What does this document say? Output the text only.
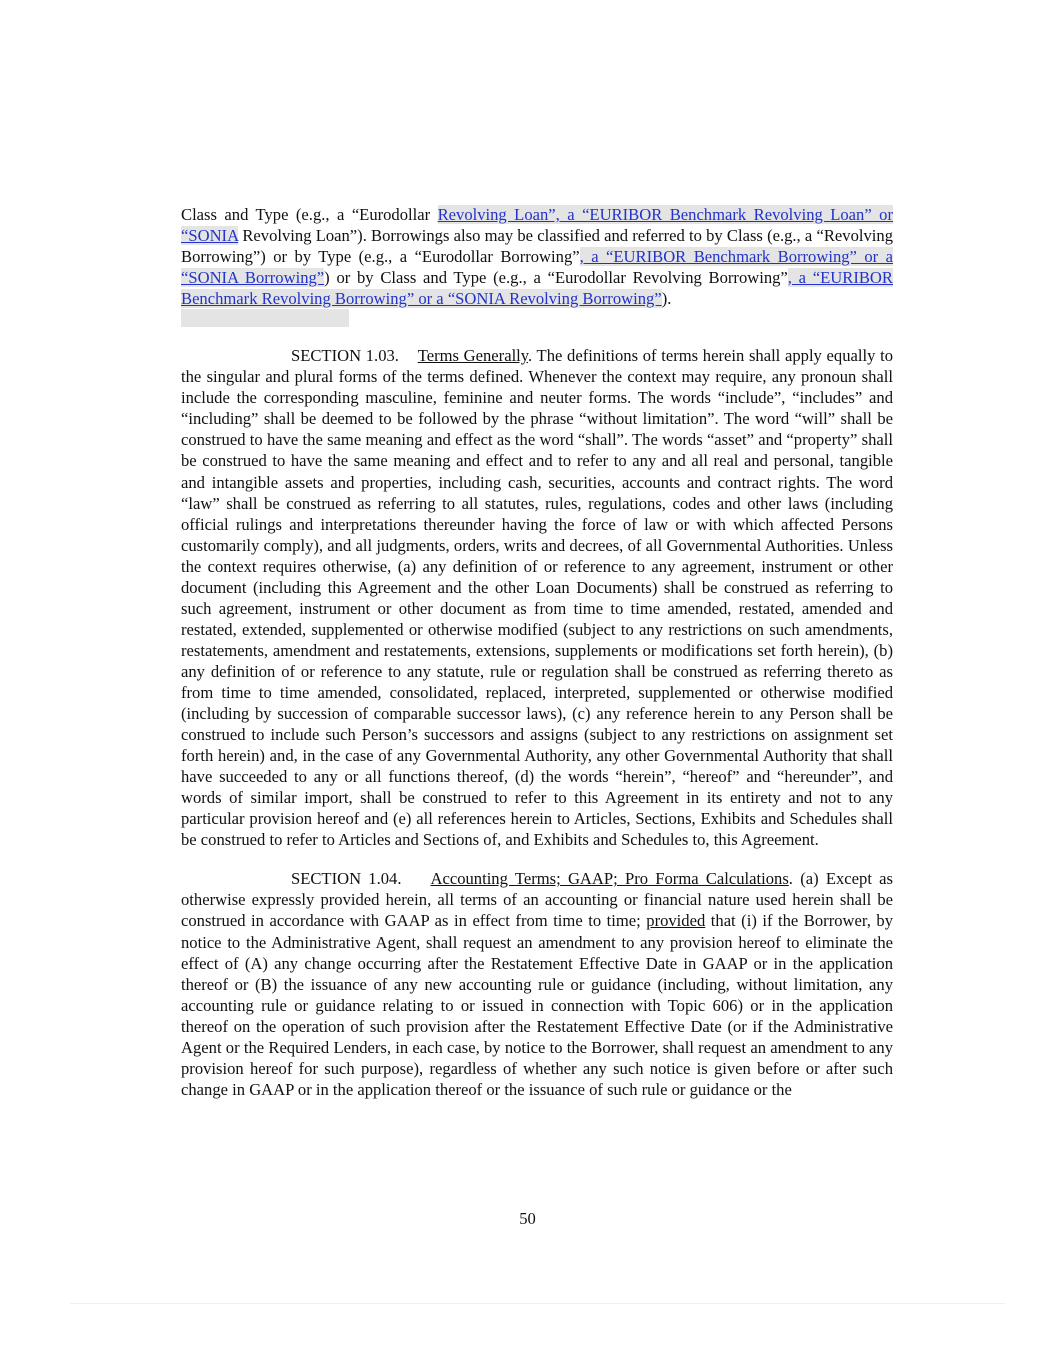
Class and Type (e.g., a “Eurodollar Revolving Loan”, a “EURIBOR Benchmark Revolving Loan” or “SONIA Revolving Loan”). Borrowings also may be classified and referred to by Class (e.g., a “Revolving Borrowing”) or by Type (e.g., a “Eurodollar Borrowing”, a “EURIBOR Benchmark Borrowing” or a “SONIA Borrowing”) or by Class and Type (e.g., a “Eurodollar Revolving Borrowing”, a “EURIBOR Benchmark Revolving Borrowing” or a “SONIA Revolving Borrowing”).

SECTION 1.03. Terms Generally. The definitions of terms herein shall apply equally to the singular and plural forms of the terms defined. Whenever the context may require, any pronoun shall include the corresponding masculine, feminine and neuter forms. The words “include”, “includes” and “including” shall be deemed to be followed by the phrase “without limitation”. The word “will” shall be construed to have the same meaning and effect as the word “shall”. The words “asset” and “property” shall be construed to have the same meaning and effect and to refer to any and all real and personal, tangible and intangible assets and properties, including cash, securities, accounts and contract rights. The word “law” shall be construed as referring to all statutes, rules, regulations, codes and other laws (including official rulings and interpretations thereunder having the force of law or with which affected Persons customarily comply), and all judgments, orders, writs and decrees, of all Governmental Authorities. Unless the context requires otherwise, (a) any definition of or reference to any agreement, instrument or other document (including this Agreement and the other Loan Documents) shall be construed as referring to such agreement, instrument or other document as from time to time amended, restated, amended and restated, extended, supplemented or otherwise modified (subject to any restrictions on such amendments, restatements, amendment and restatements, extensions, supplements or modifications set forth herein), (b) any definition of or reference to any statute, rule or regulation shall be construed as referring thereto as from time to time amended, consolidated, replaced, interpreted, supplemented or otherwise modified (including by succession of comparable successor laws), (c) any reference herein to any Person shall be construed to include such Person’s successors and assigns (subject to any restrictions on assignment set forth herein) and, in the case of any Governmental Authority, any other Governmental Authority that shall have succeeded to any or all functions thereof, (d) the words “herein”, “hereof” and “hereunder”, and words of similar import, shall be construed to refer to this Agreement in its entirety and not to any particular provision hereof and (e) all references herein to Articles, Sections, Exhibits and Schedules shall be construed to refer to Articles and Sections of, and Exhibits and Schedules to, this Agreement.

SECTION 1.04. Accounting Terms; GAAP; Pro Forma Calculations. (a) Except as otherwise expressly provided herein, all terms of an accounting or financial nature used herein shall be construed in accordance with GAAP as in effect from time to time; provided that (i) if the Borrower, by notice to the Administrative Agent, shall request an amendment to any provision hereof to eliminate the effect of (A) any change occurring after the Restatement Effective Date in GAAP or in the application thereof or (B) the issuance of any new accounting rule or guidance (including, without limitation, any accounting rule or guidance relating to or issued in connection with Topic 606) or in the application thereof on the operation of such provision after the Restatement Effective Date (or if the Administrative Agent or the Required Lenders, in each case, by notice to the Borrower, shall request an amendment to any provision hereof for such purpose), regardless of whether any such notice is given before or after such change in GAAP or in the application thereof or the issuance of such rule or guidance or the

50
